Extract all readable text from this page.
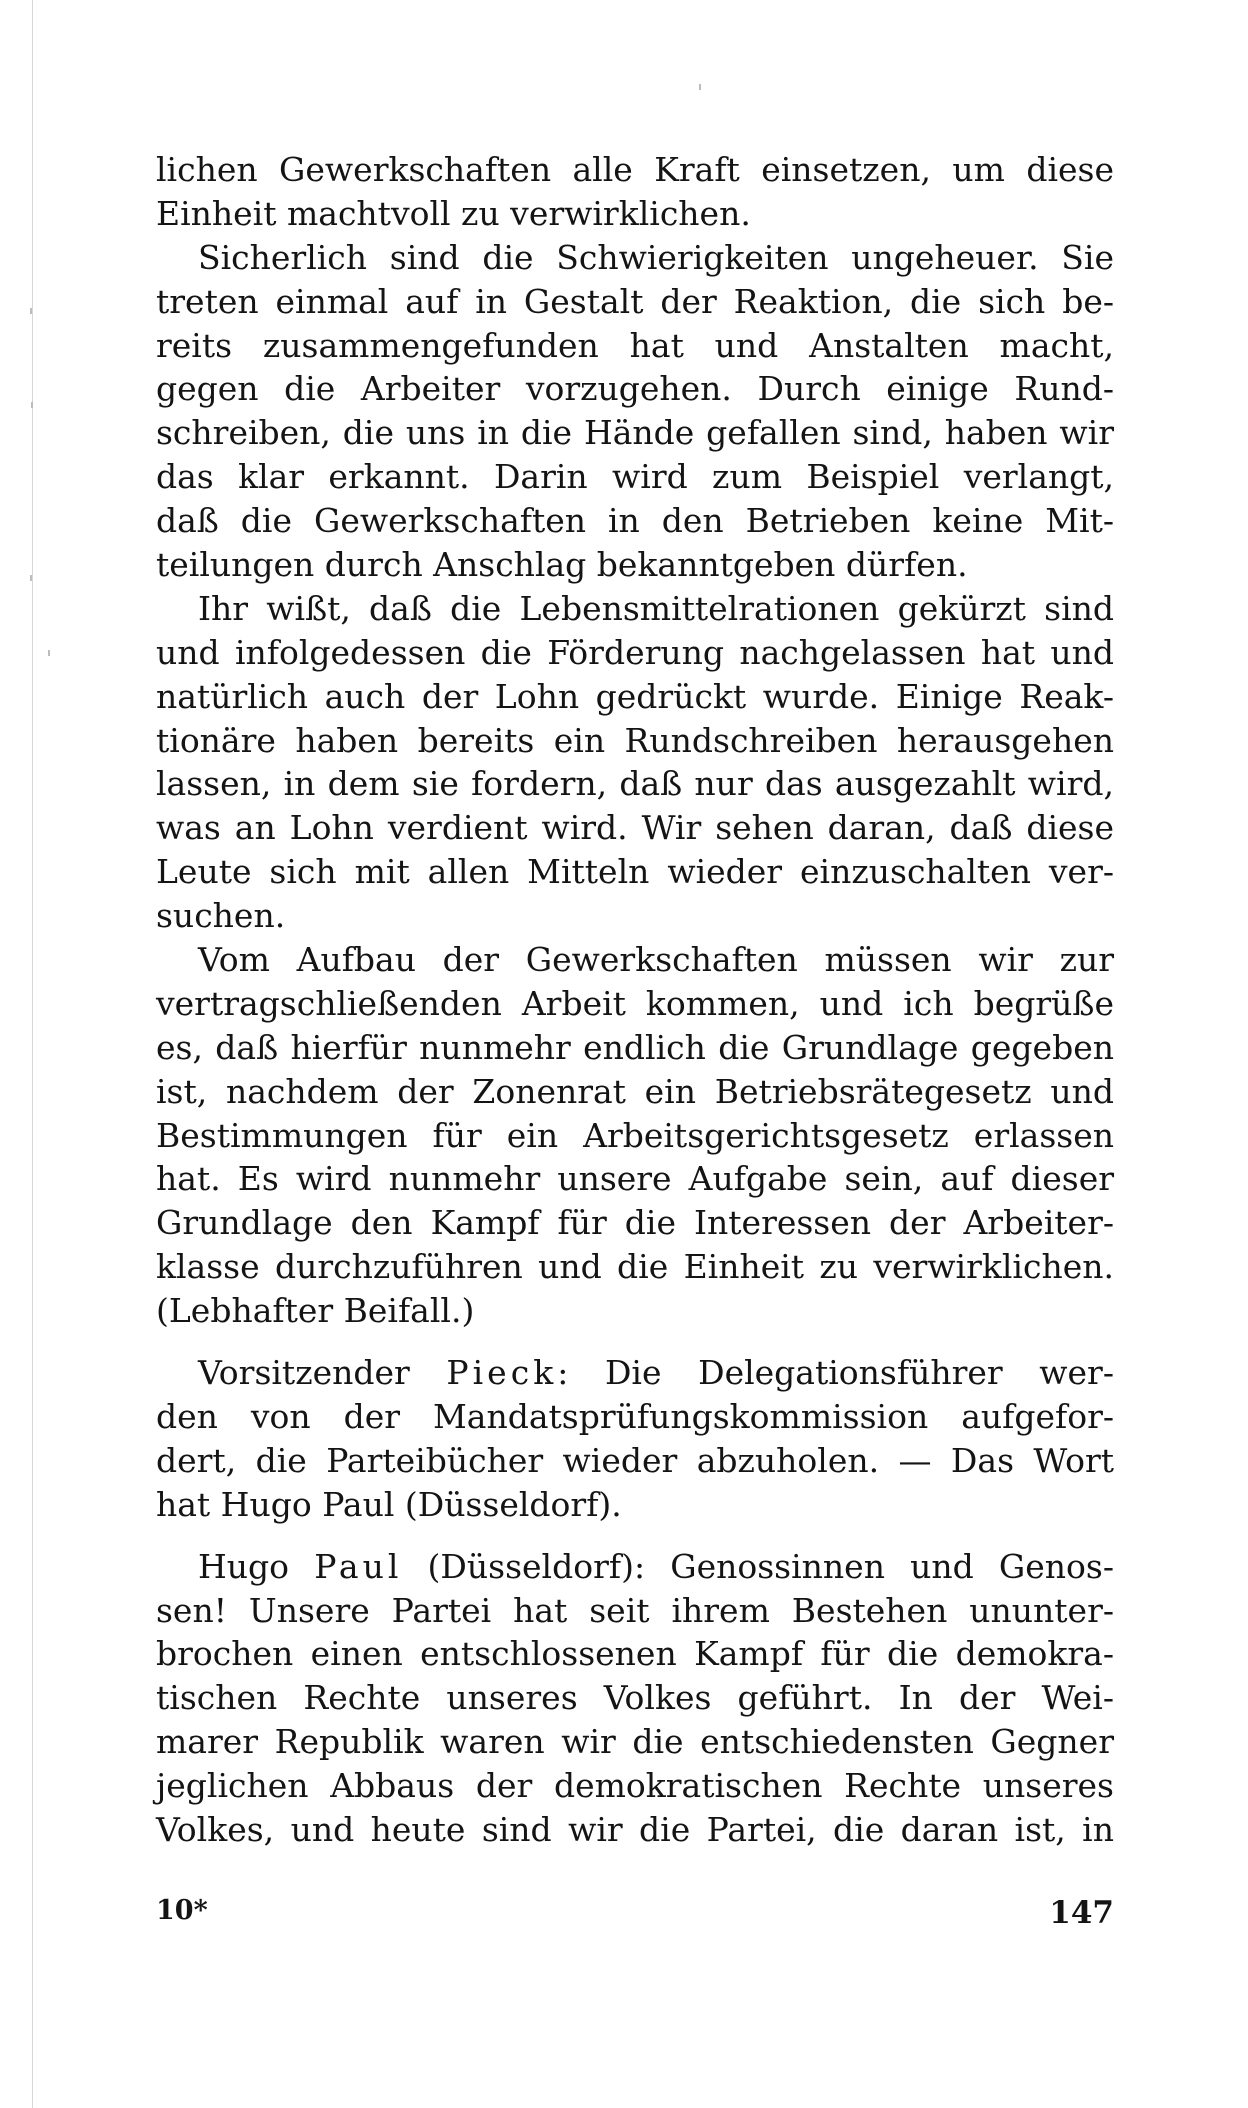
lichen Gewerkschaften alle Kraft einsetzen, um diese
Einheit machtvoll zu verwirklichen.
Sicherlich sind die Schwierigkeiten ungeheuer. Sie
treten einmal auf in Gestalt der Reaktion, die sich be-
reits zusammengefunden hat und Anstalten macht,
gegen die Arbeiter vorzugehen. Durch einige Rund-
schreiben, die uns in die Hände gefallen sind, haben wir
das klar erkannt. Darin wird zum Beispiel verlangt,
daß die Gewerkschaften in den Betrieben keine Mit-
teilungen durch Anschlag bekanntgeben dürfen.
Ihr wißt, daß die Lebensmittelrationen gekürzt sind
und infolgedessen die Förderung nachgelassen hat und
natürlich auch der Lohn gedrückt wurde. Einige Reak-
tionäre haben bereits ein Rundschreiben herausgehen
lassen, in dem sie fordern, daß nur das ausgezahlt wird,
was an Lohn verdient wird. Wir sehen daran, daß diese
Leute sich mit allen Mitteln wieder einzuschalten ver-
suchen.
Vom Aufbau der Gewerkschaften müssen wir zur
vertragschließenden Arbeit kommen, und ich begrüße
es, daß hierfür nunmehr endlich die Grundlage gegeben
ist, nachdem der Zonenrat ein Betriebsrätegesetz und
Bestimmungen für ein Arbeitsgerichtsgesetz erlassen
hat. Es wird nunmehr unsere Aufgabe sein, auf dieser
Grundlage den Kampf für die Interessen der Arbeiter-
klasse durchzuführen und die Einheit zu verwirklichen.
(Lebhafter Beifall.)
Vorsitzender Pieck: Die Delegationsführer wer-
den von der Mandatsprüfungskommission aufgefor-
dert, die Parteibücher wieder abzuholen. — Das Wort
hat Hugo Paul (Düsseldorf).
Hugo Paul (Düsseldorf): Genossinnen und Genos-
sen! Unsere Partei hat seit ihrem Bestehen ununter-
brochen einen entschlossenen Kampf für die demokra-
tischen Rechte unseres Volkes geführt. In der Wei-
marer Republik waren wir die entschiedensten Gegner
jeglichen Abbaus der demokratischen Rechte unseres
Volkes, und heute sind wir die Partei, die daran ist, in
10*	147
